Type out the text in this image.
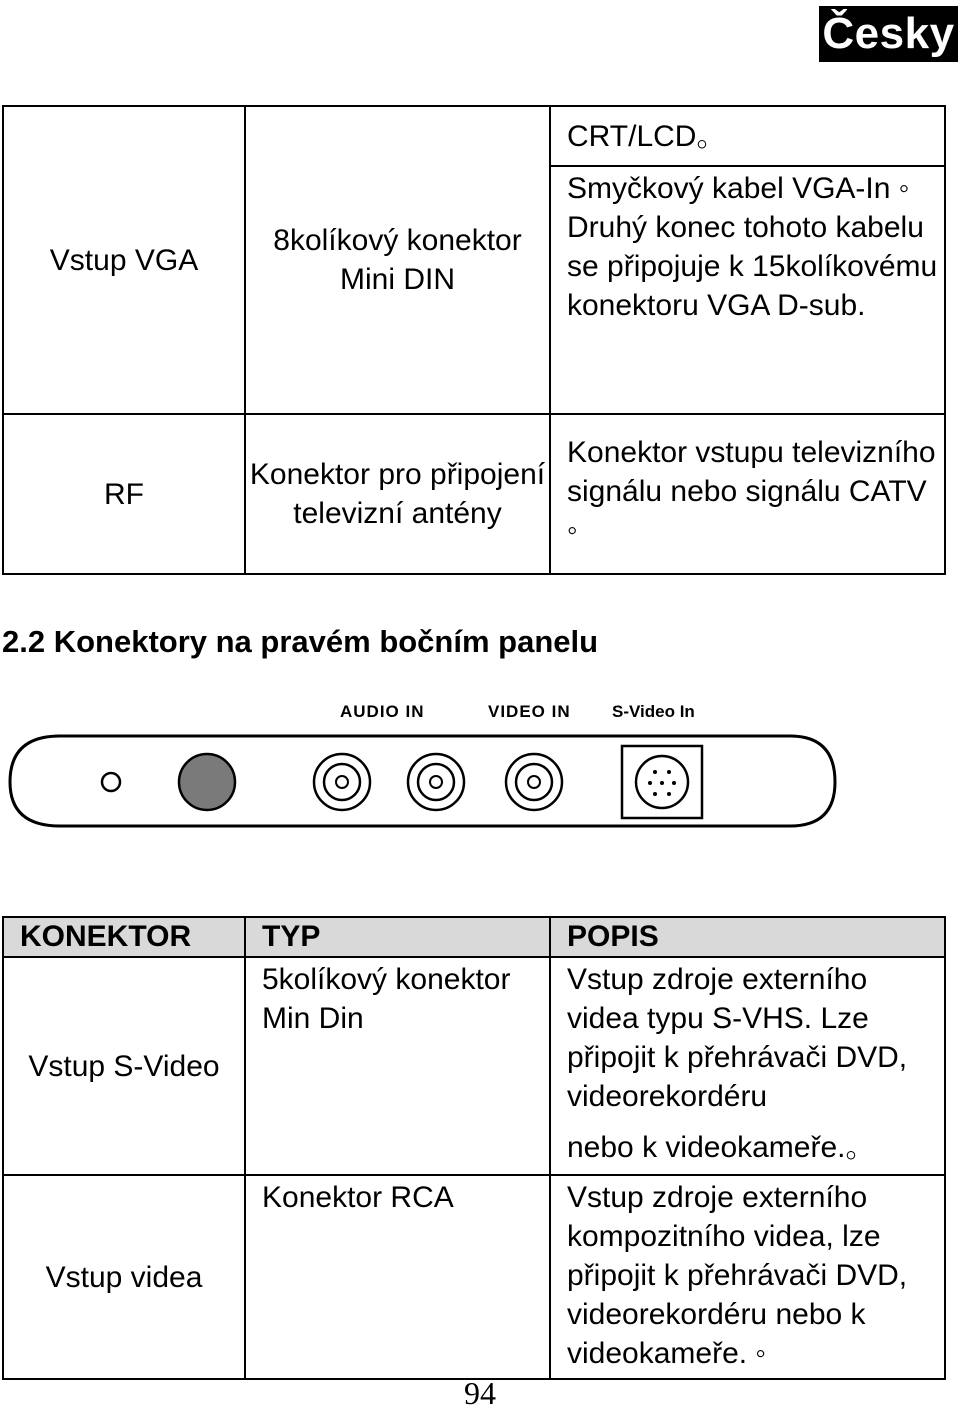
Česky
Vstup VGA	8kolíkový konektor Mini DIN	CRT/LCD。
		Smyčkový kabel VGA-In ◦ Druhý konec tohoto kabelu se připojuje k 15kolíkovému konektoru VGA D-sub.
RF	Konektor pro připojení televizní antény	Konektor vstupu televizního signálu nebo signálu CATV ◦
2.2 Konektory na pravém bočním panelu
AUDIO IN	VIDEO IN S-Video In
KONEKTOR	TYP	POPIS
Vstup S-Video	5kolíkový konektor Min Din	Vstup zdroje externího videa typu S-VHS. Lze připojit k přehrávači DVD, videorekordéru
nebo k videokameře.。

Vstup videa	Konektor RCA	Vstup zdroje externího kompozitního videa, lze připojit k přehrávači DVD, videorekordéru nebo k videokameře. ◦
94
